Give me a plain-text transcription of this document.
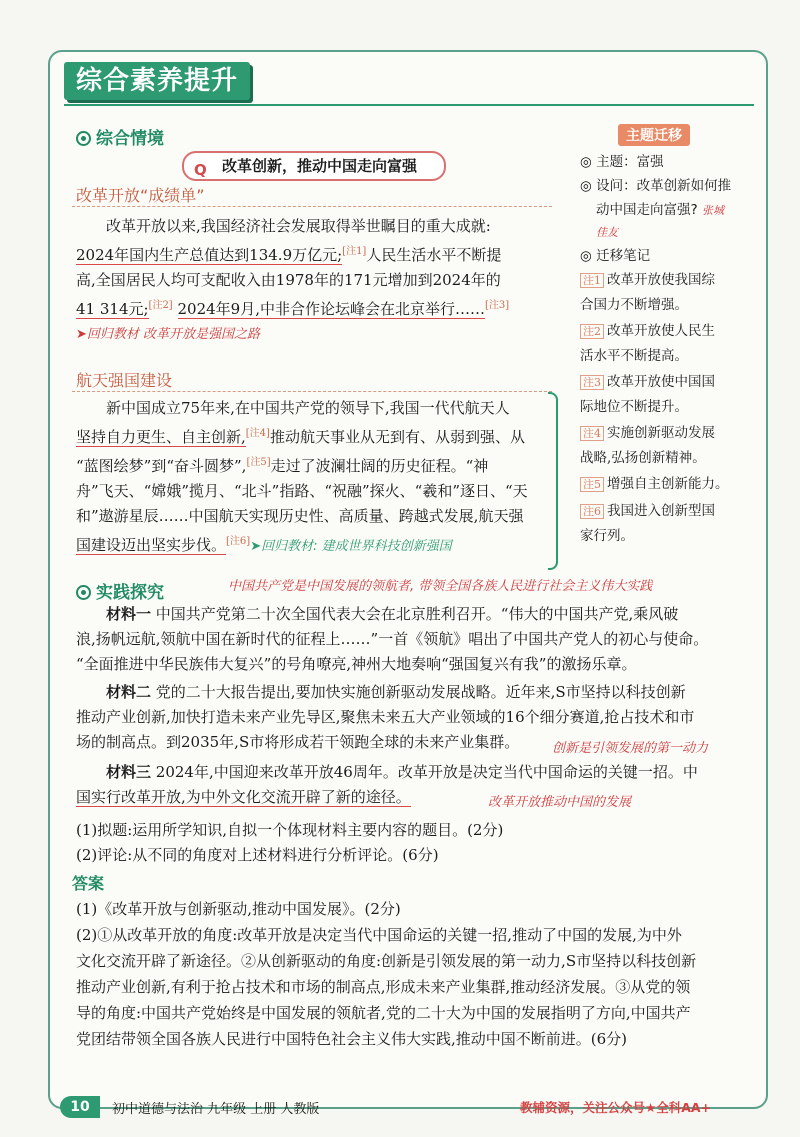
综合素养提升
综合情境
Q 改革创新，推动中国走向富强
改革开放“成绩单”

改革开放以来,我国经济社会发展取得举世瞩目的重大成就:

2024年国内生产总值达到134.9万亿元;[注1]人民生活水平不断提

高,全国居民人均可支配收入由1978年的171元增加到2024年的

41 314元;[注2] 2024年9月,中非合作论坛峰会在北京举行……[注3]

➤回归教材 改革开放是强国之路

航天强国建设

新中国成立75年来,在中国共产党的领导下,我国一代代航天人

坚持自力更生、自主创新,[注4]推动航天事业从无到有、从弱到强、从

“蓝图绘梦”到“奋斗圆梦”,[注5]走过了波澜壮阔的历史征程。“神

舟”飞天、“嫦娥”揽月、“北斗”指路、“祝融”探火、“羲和”逐日、“天

和”遨游星辰……中国航天实现历史性、高质量、跨越式发展,航天强

国建设迈出坚实步伐。[注6]➤回归教材: 建成世界科技创新强国

主题迁移
◎ 主题：富强
◎ 设问：改革创新如何推
动中国走向富强? 张城
佳友
◎ 迁移笔记
注1 改革开放使我国综
合国力不断增强。
注2 改革开放使人民生
活水平不断提高。
注3 改革开放使中国国
际地位不断提升。
注4 实施创新驱动发展
战略,弘扬创新精神。
注5 增强自主创新能力。
注6 我国进入创新型国
家行列。
实践探究	中国共产党是中国发展的领航者, 带领全国各族人民进行社会主义伟大实践

材料一 中国共产党第二十次全国代表大会在北京胜利召开。“伟大的中国共产党,乘风破

浪,扬帆远航,领航中国在新时代的征程上……”一首《领航》唱出了中国共产党人的初心与使命。

“全面推进中华民族伟大复兴”的号角嘹亮,神州大地奏响“强国复兴有我”的激扬乐章。

材料二 党的二十大报告提出,要加快实施创新驱动发展战略。近年来,S市坚持以科技创新

推动产业创新,加快打造未来产业先导区,聚焦未来五大产业领域的16个细分赛道,抢占技术和市

场的制高点。到2035年,S市将形成若干领跑全球的未来产业集群。	创新是引领发展的第一动力

材料三 2024年,中国迎来改革开放46周年。改革开放是决定当代中国命运的关键一招。中

国实行改革开放,为中外文化交流开辟了新的途径。	改革开放推动中国的发展

(1)拟题:运用所学知识,自拟一个体现材料主要内容的题目。(2分)

(2)评论:从不同的角度对上述材料进行分析评论。(6分)

答案

(1)《改革开放与创新驱动,推动中国发展》。(2分)

(2)①从改革开放的角度:改革开放是决定当代中国命运的关键一招,推动了中国的发展,为中外

文化交流开辟了新途径。②从创新驱动的角度:创新是引领发展的第一动力,S市坚持以科技创新

推动产业创新,有利于抢占技术和市场的制高点,形成未来产业集群,推动经济发展。③从党的领

导的角度:中国共产党始终是中国发展的领航者,党的二十大为中国的发展指明了方向,中国共产

党团结带领全国各族人民进行中国特色社会主义伟大实践,推动中国不断前进。(6分)

10	初中道德与法治 九年级 上册 人教版	教辅资源，关注公众号★全科AA+
